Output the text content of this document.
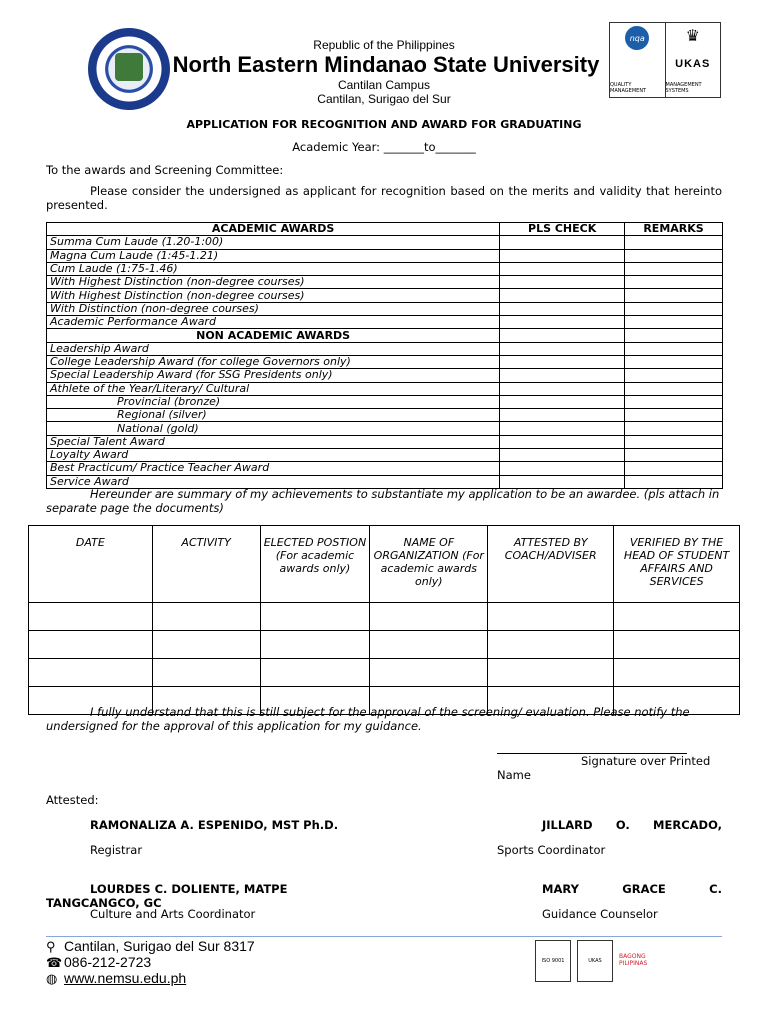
Republic of the Philippines
North Eastern Mindanao State University
Cantilan Campus
Cantilan, Surigao del Sur
nqa
QUALITY MANAGEMENT
♛
UKAS
MANAGEMENT SYSTEMS
APPLICATION FOR RECOGNITION AND AWARD FOR GRADUATING
Academic Year: _______to_______
To the awards and Screening Committee:
Please consider the undersigned as applicant for recognition based on the merits and validity that hereinto presented.
ACADEMIC AWARDS	PLS CHECK	REMARKS
Summa Cum Laude (1.20-1:00)		
Magna Cum Laude (1:45-1.21)		
Cum Laude (1:75-1.46)		
With Highest Distinction (non-degree courses)		
With Highest Distinction (non-degree courses)		
With Distinction (non-degree courses)		
Academic Performance Award		
NON ACADEMIC AWARDS		
Leadership Award		
College Leadership Award (for college Governors only)		
Special Leadership Award (for SSG Presidents only)		
Athlete of the Year/Literary/ Cultural		
Provincial (bronze)		
Regional (silver)		
National (gold)		
Special Talent Award		
Loyalty Award		
Best Practicum/ Practice Teacher Award		
Service Award		
Hereunder are summary of my achievements to substantiate my application to be an awardee. (pls attach in separate page the documents)
DATE	ACTIVITY	ELECTED POSTION (For academic awards only)	NAME OF ORGANIZATION (For academic awards only)	ATTESTED BY COACH/ADVISER	VERIFIED BY THE HEAD OF STUDENT AFFAIRS AND SERVICES

I fully understand that this is still subject for the approval of the screening/ evaluation. Please notify the undersigned for the approval of this application for my guidance.
Signature over Printed Name
Attested:
RAMONALIZA A. ESPENIDO, MST Ph.D.
Registrar
JILLARD O. MERCADO,
Sports Coordinator
LOURDES C. DOLIENTE, MATPE TANGCANGCO, GC
Culture and Arts Coordinator
MARY GRACE C.
Guidance Counselor
⚲ Cantilan, Surigao del Sur 8317
☎ 086-212-2723
◍ www.nemsu.edu.ph
ISO 9001	UKAS
BAGONG PILIPINAS
